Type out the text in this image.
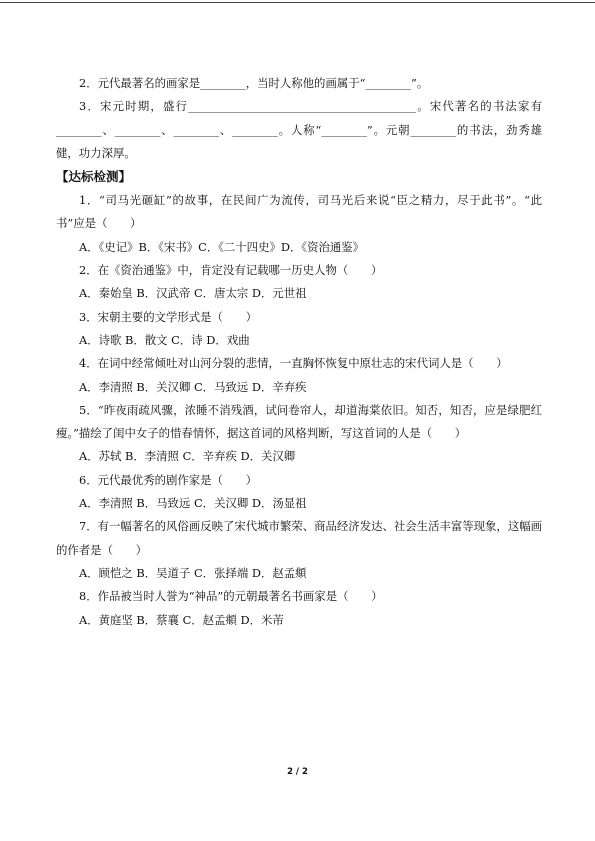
2．元代最著名的画家是________，当时人称他的画属于“________”。

3．宋元时期，盛行________________________________________。宋代著名的书法家有________、________、________、________。人称“________”。元朝________的书法，劲秀雄健，功力深厚。

【达标检测】

1．“司马光砸缸”的故事，在民间广为流传，司马光后来说“臣之精力，尽于此书”。“此书”应是（　　）

A．《史记》B．《宋书》C．《二十四史》D．《资治通鉴》

2．在《资治通鉴》中，肯定没有记载哪一历史人物（　　）

A．秦始皇 B．汉武帝 C．唐太宗 D．元世祖

3．宋朝主要的文学形式是（　　）

A．诗歌 B．散文 C．诗 D．戏曲

4．在词中经常倾吐对山河分裂的悲情，一直胸怀恢复中原壮志的宋代词人是（　　）

A．李清照 B．关汉卿 C．马致远 D．辛弃疾

5．“昨夜雨疏风骤，浓睡不消残酒，试问卷帘人，却道海棠依旧。知否，知否，应是绿肥红瘦。”描绘了闺中女子的惜春情怀，据这首词的风格判断，写这首词的人是（　　）

A．苏轼 B．李清照 C．辛弃疾 D．关汉卿

6．元代最优秀的剧作家是（　　）

A．李清照 B．马致远 C．关汉卿 D．汤显祖

7．有一幅著名的风俗画反映了宋代城市繁荣、商品经济发达、社会生活丰富等现象，这幅画的作者是（　　）

A．顾恺之 B．吴道子 C．张择端 D．赵孟頫

8．作品被当时人誉为“神品”的元朝最著名书画家是（　　）

A．黄庭坚 B．蔡襄 C．赵孟頫 D．米芾

2 / 2
